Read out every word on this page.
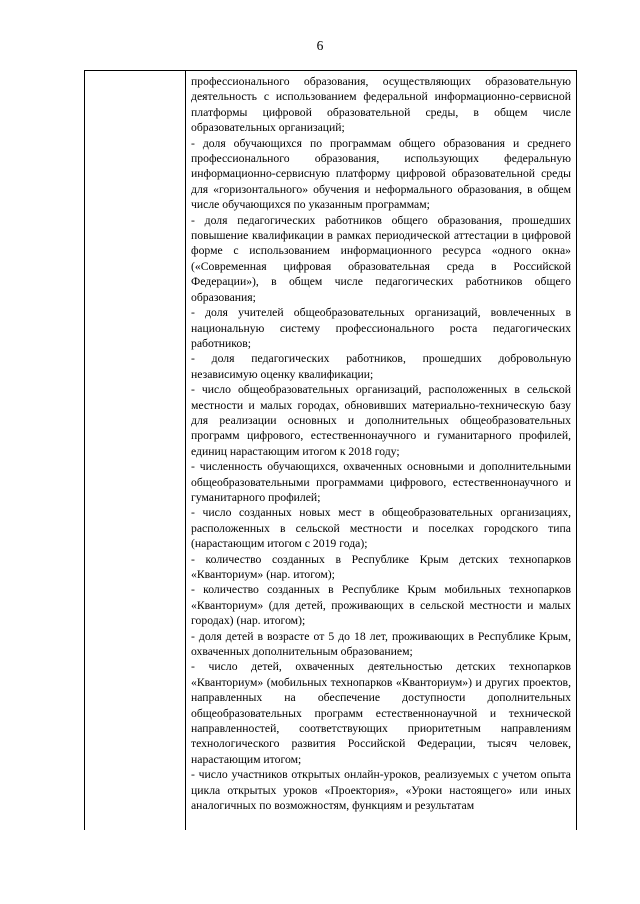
6

профессионального образования, осуществляющих образовательную деятельность с использованием федеральной информационно-сервисной платформы цифровой образовательной среды, в общем числе образовательных организаций;

- доля обучающихся по программам общего образования и среднего профессионального образования, использующих федеральную информационно-сервисную платформу цифровой образовательной среды для «горизонтального» обучения и неформального образования, в общем числе обучающихся по указанным программам;

- доля педагогических работников общего образования, прошедших повышение квалификации в рамках периодической аттестации в цифровой форме с использованием информационного ресурса «одного окна» («Современная цифровая образовательная среда в Российской Федерации»), в общем числе педагогических работников общего образования;

- доля учителей общеобразовательных организаций, вовлеченных в национальную систему профессионального роста педагогических работников;

- доля педагогических работников, прошедших добровольную независимую оценку квалификации;

- число общеобразовательных организаций, расположенных в сельской местности и малых городах, обновивших материально-техническую базу для реализации основных и дополнительных общеобразовательных программ цифрового, естественнонаучного и гуманитарного профилей, единиц нарастающим итогом к 2018 году;

- численность обучающихся, охваченных основными и дополнительными общеобразовательными программами цифрового, естественнонаучного и гуманитарного профилей;

- число созданных новых мест в общеобразовательных организациях, расположенных в сельской местности и поселках городского типа (нарастающим итогом с 2019 года);

- количество созданных в Республике Крым детских технопарков «Кванториум» (нар. итогом);

- количество созданных в Республике Крым мобильных технопарков «Кванториум» (для детей, проживающих в сельской местности и малых городах) (нар. итогом);

- доля детей в возрасте от 5 до 18 лет, проживающих в Республике Крым, охваченных дополнительным образованием;

- число детей, охваченных деятельностью детских технопарков «Кванториум» (мобильных технопарков «Кванториум») и других проектов, направленных на обеспечение доступности дополнительных общеобразовательных программ естественнонаучной и технической направленностей, соответствующих приоритетным направлениям технологического развития Российской Федерации, тысяч человек, нарастающим итогом;

- число участников открытых онлайн-уроков, реализуемых с учетом опыта цикла открытых уроков «Проектория», «Уроки настоящего» или иных аналогичных по возможностям, функциям и результатам
